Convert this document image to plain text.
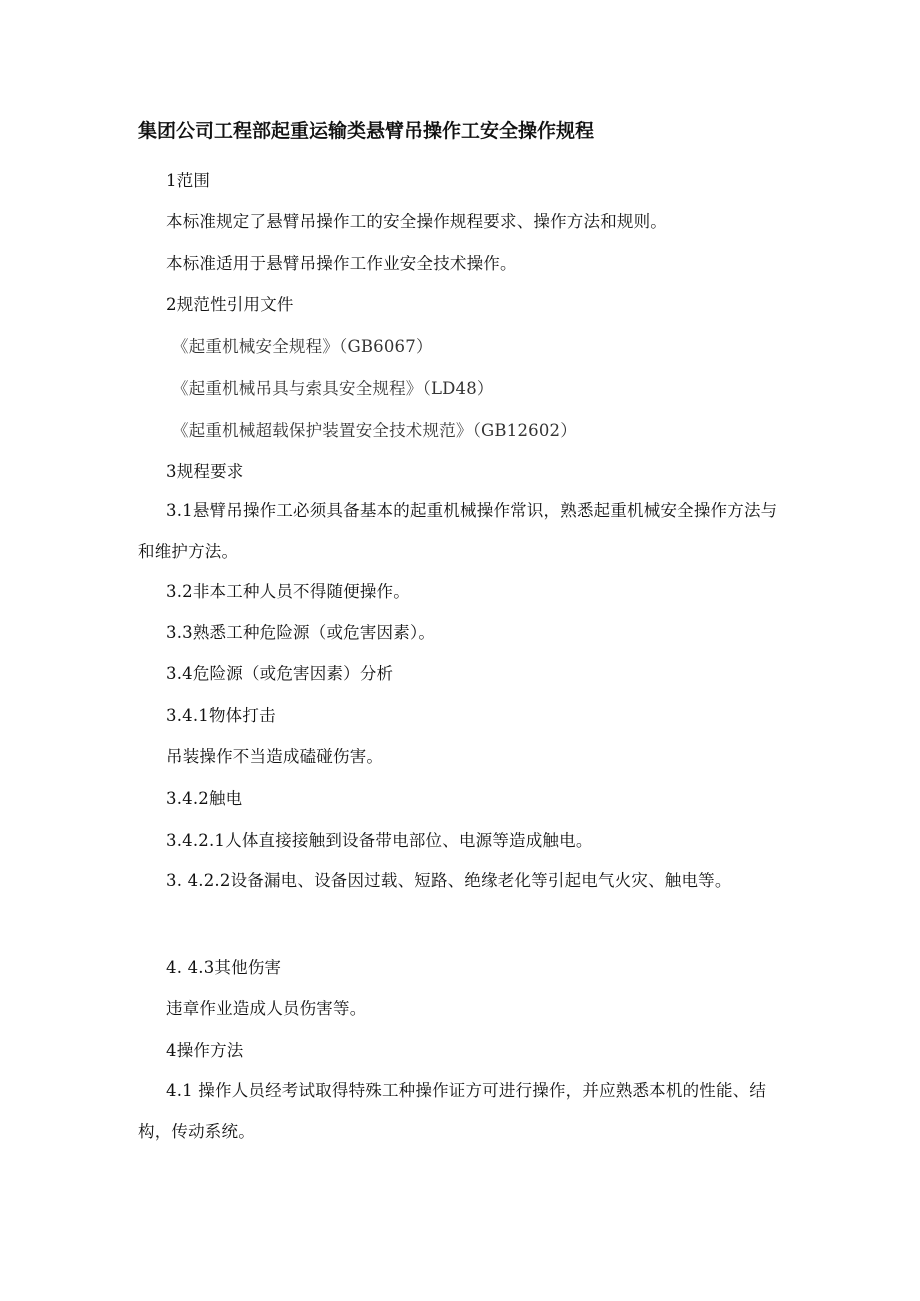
集团公司工程部起重运输类悬臂吊操作工安全操作规程
1范围
本标准规定了悬臂吊操作工的安全操作规程要求、操作方法和规则。
本标准适用于悬臂吊操作工作业安全技术操作。
2规范性引用文件
《起重机械安全规程》（GB6067）
《起重机械吊具与索具安全规程》（LD48）
《起重机械超载保护装置安全技术规范》（GB12602）
3规程要求
3.1悬臂吊操作工必须具备基本的起重机械操作常识，熟悉起重机械安全操作方法与和维护方法。
3.2非本工种人员不得随便操作。
3.3熟悉工种危险源（或危害因素）。
3.4危险源（或危害因素）分析
3.4.1物体打击
吊装操作不当造成磕碰伤害。
3.4.2触电
3.4.2.1人体直接接触到设备带电部位、电源等造成触电。
3. 4.2.2设备漏电、设备因过载、短路、绝缘老化等引起电气火灾、触电等。
4. 4.3其他伤害
违章作业造成人员伤害等。
4操作方法
4.1 操作人员经考试取得特殊工种操作证方可进行操作，并应熟悉本机的性能、结构，传动系统。
